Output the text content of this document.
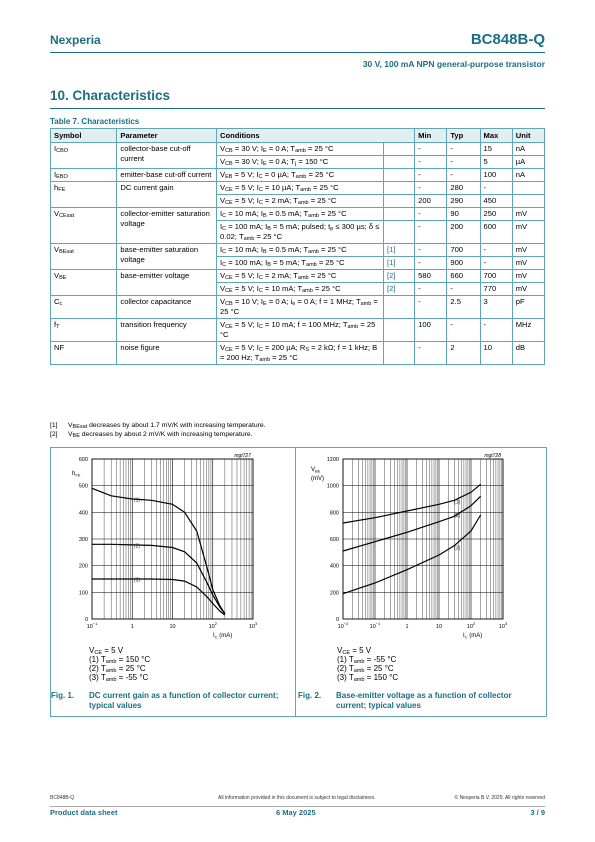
Nexperia	BC848B-Q
30 V, 100 mA NPN general-purpose transistor
10. Characteristics
Table 7. Characteristics
Symbol	Parameter	Conditions		Min	Typ	Max	Unit
$I_{CBO}$	collector-base cut-off current	$V_{CB} = 30$ V; $I_E = 0$ A; $T_{amb} = 25$ °C		-	-	15	nA
		$V_{CB} = 30$ V; $I_E = 0$ A; $T_j = 150$ °C		-	-	5	µA
$I_{EBO}$	emitter-base cut-off current	$V_{EB} = 5$ V; $I_C = 0$ µA; $T_{amb} = 25$ °C		-	-	100	nA
$h_{FE}$	DC current gain	$V_{CE} = 5$ V; $I_C = 10$ µA; $T_{amb} = 25$ °C		-	280	-	
		$V_{CE} = 5$ V; $I_C = 2$ mA; $T_{amb} = 25$ °C		200	290	450	
$V_{CEsat}$	collector-emitter saturation voltage	$I_C = 10$ mA; $I_B = 0.5$ mA; $T_{amb} = 25$ °C		-	90	250	mV
		$I_C = 100$ mA; $I_B = 5$ mA; pulsed; $t_p \le 300$ µs; δ ≤ 0.02; $T_{amb} = 25$ °C		-	200	600	mV
$V_{BEsat}$	base-emitter saturation voltage	$I_C = 10$ mA; $I_B = 0.5$ mA; $T_{amb} = 25$ °C	[1]	-	700	-	mV
		$I_C = 100$ mA; $I_B = 5$ mA; $T_{amb} = 25$ °C	[1]	-	900	-	mV
$V_{BE}$	base-emitter voltage	$V_{CE} = 5$ V; $I_C = 2$ mA; $T_{amb} = 25$ °C	[2]	580	660	700	mV
		$V_{CE} = 5$ V; $I_C = 10$ mA; $T_{amb} = 25$ °C	[2]	-	-	770	mV
$C_c$	collector capacitance	$V_{CB} = 10$ V; $I_E = 0$ A; $i_e = 0$ A; f = 1 MHz; $T_{amb} = 25$ °C		-	2.5	3	pF
$f_T$	transition frequency	$V_{CE} = 5$ V; $I_C = 10$ mA; f = 100 MHz; $T_{amb} = 25$ °C		100	-	-	MHz
NF	noise figure	$V_{CE} = 5$ V; $I_C = 200$ µA; $R_S = 2$ kΩ; f = 1 kHz; B = 200 Hz; $T_{amb} = 25$ °C		-	2	10	dB
[1] $V_{BEsat}$ decreases by about 1.7 mV/K with increasing temperature.
[2] $V_{BE}$ decreases by about 2 mV/K with increasing temperature.
0
100
200
300
400
500
600
$10^{-1}$
1	10	$10^2$
$10^3$
(1)
(2)
(3)
mgt727
$h_{FE}$
$I_C$ (mA)
0
200
400
600
800
1000
1200
$10^{-2}$
$10^{-1}$
1	10	$10^2$
$10^3$
(1)
(2)
(3)
mgt728
$V_{BE}$
(mV)
$I_C$ (mA)
$V_{CE} = 5$ V
(1) $T_{amb} = 150$ °C
(2) $T_{amb} = 25$ °C
(3) $T_{amb} = -55$ °C
$V_{CE} = 5$ V
(1) $T_{amb} = -55$ °C
(2) $T_{amb} = 25$ °C
(3) $T_{amb} = 150$ °C
Fig. 1.	DC current gain as a function of collector current; typical values
Fig. 2.	Base-emitter voltage as a function of collector current; typical values
BC848B-Q	All information provided in this document is subject to legal disclaimers.	© Nexperia B.V. 2025. All rights reserved
Product data sheet	6 May 2025	3 / 9
